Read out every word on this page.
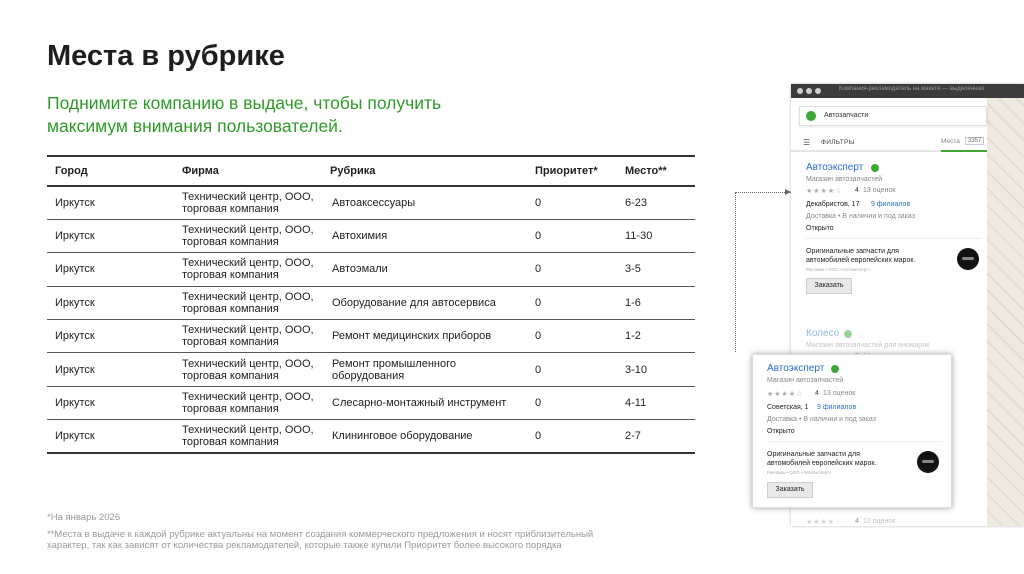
Места в рубрике
Поднимите компанию в выдаче, чтобы получить максимум внимания пользователей.
Город	Фирма	Рубрика	Приоритет*	Место**
Иркутск	Технический центр, ООО, торговая компания	Автоаксессуары	0	6-23
Иркутск	Технический центр, ООО, торговая компания	Автохимия	0	11-30
Иркутск	Технический центр, ООО, торговая компания	Автоэмали	0	3-5
Иркутск	Технический центр, ООО, торговая компания	Оборудование для автосервиса	0	1-6
Иркутск	Технический центр, ООО, торговая компания	Ремонт медицинских приборов	0	1-2
Иркутск	Технический центр, ООО, торговая компания	Ремонт промышленного оборудования	0	3-10
Иркутск	Технический центр, ООО, торговая компания	Слесарно-монтажный инструмент	0	4-11
Иркутск	Технический центр, ООО, торговая компания	Клининговое оборудование	0	2-7
*На январь 2026
**Места в выдаче к каждой рубрике актуальны на момент создания коммерческого предложения и носят приблизительный характер, так как зависят от количества рекламодателей, которые также купили Приоритет более высокого порядка
Компания-рекламодатель на макете — выделенная
Автозапчасти
☰ ФИЛЬТРЫ	Места	3357
Автоэксперт
Магазин автозапчастей
★★★★☆ 4 13 оценок
Декабристов, 17 9 филиалов
Доставка • В наличии и под заказ
Открыто
Оригинальные запчасти для автомобилей европейских марок.
Реклама • ООО «Автоэксперт»
Заказать
Колесо
Магазин автозапчастей для иномарок
★★★★☆ 4 12 оценок
Автоэксперт
Магазин автозапчастей
★★★★☆ 4 13 оценок
Советская, 1 9 филиалов
Доставка • В наличии и под заказ
Открыто
Оригинальные запчасти для автомобилей европейских марок.
Реклама • ООО «Автоэксперт»
Заказать
